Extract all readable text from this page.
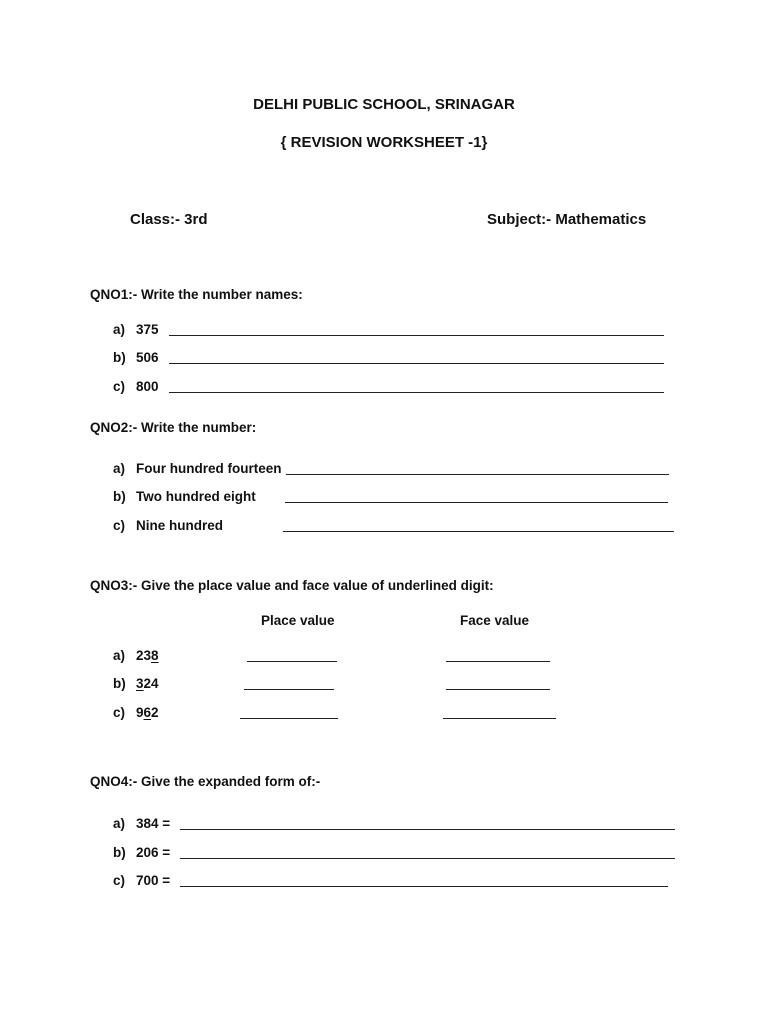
DELHI PUBLIC SCHOOL, SRINAGAR
{ REVISION WORKSHEET -1}
Class:- 3rd	Subject:- Mathematics
QNO1:- Write the number names:
a) 375
b) 506
c) 800
QNO2:- Write the number:
a) Four hundred fourteen
b) Two hundred eight
c) Nine hundred
QNO3:- Give the place value and face value of underlined digit:
Place value	Face value
a) 238
b) 324
c) 962
QNO4:- Give the expanded form of:-
a) 384 =
b) 206 =
c) 700 =
